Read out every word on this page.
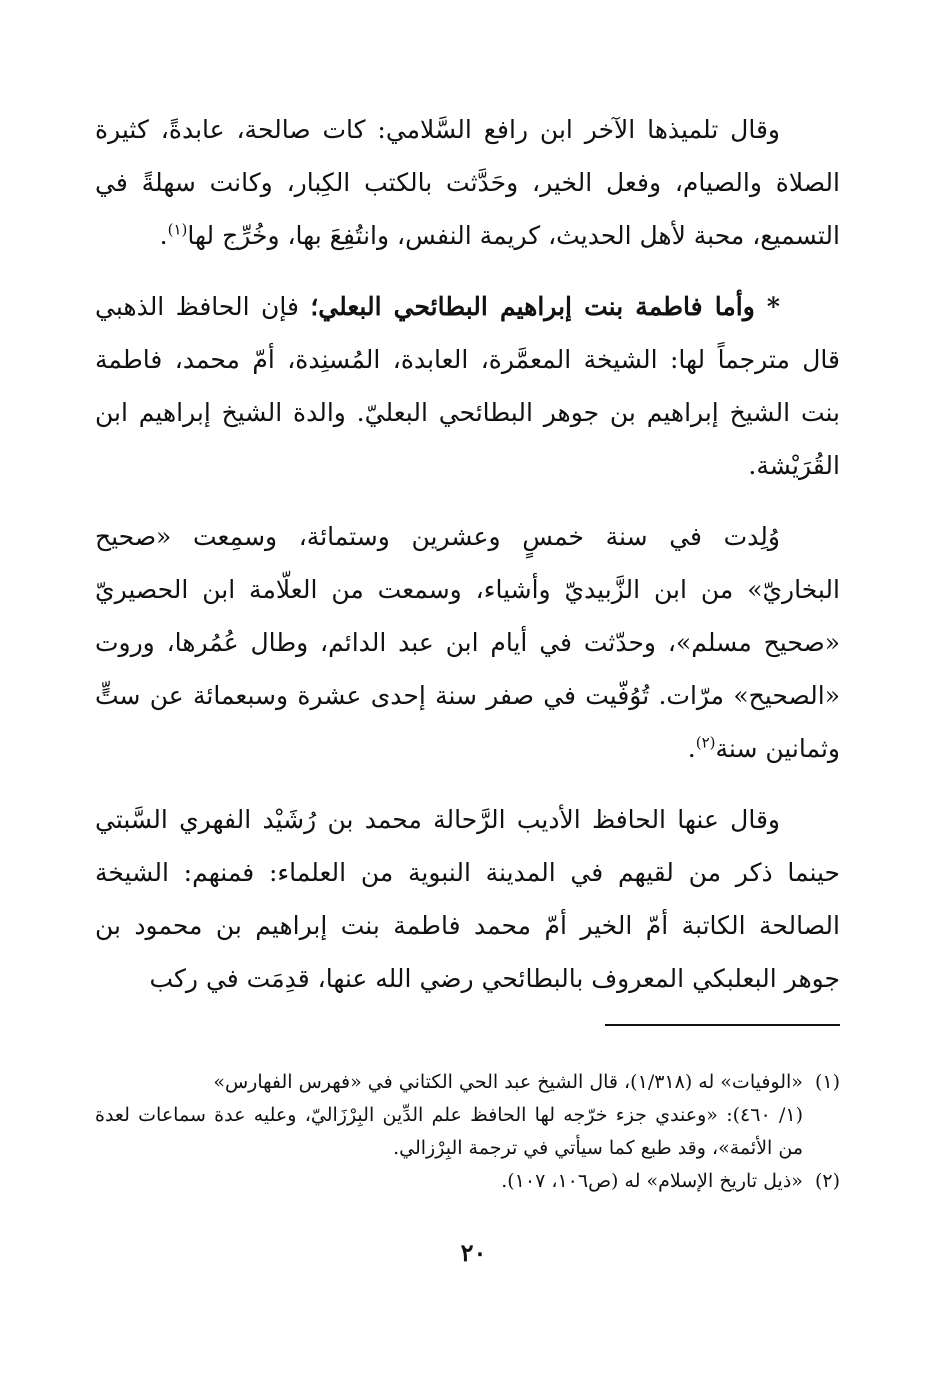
وقال تلميذها الآخر ابن رافع السَّلامي: كات صالحة، عابدةً، كثيرة الصلاة والصيام، وفعل الخير، وحَدَّثت بالكتب الكِبار، وكانت سهلةً في التسميع، محبة لأهل الحديث، كريمة النفس، وانتُفِعَ بها، وخُرِّج لها$^{(١)}$.

* وأما فاطمة بنت إبراهيم البطائحي البعلي؛ فإن الحافظ الذهبي قال مترجماً لها: الشيخة المعمَّرة، العابدة، المُسنِدة، أمّ محمد، فاطمة بنت الشيخ إبراهيم بن جوهر البطائحي البعليّ. والدة الشيخ إبراهيم ابن القُرَيْشة.

وُلِدت في سنة خمسٍ وعشرين وستمائة، وسمِعت «صحيح البخاريّ» من ابن الزَّبيديّ وأشياء، وسمعت من العلّامة ابن الحصيريّ «صحيح مسلم»، وحدّثت في أيام ابن عبد الدائم، وطال عُمُرها، وروت «الصحيح» مرّات. تُوُفّيت في صفر سنة إحدى عشرة وسبعمائة عن ستٍّ وثمانين سنة$^{(٢)}$.

وقال عنها الحافظ الأديب الرَّحالة محمد بن رُشَيْد الفهري السَّبتي حينما ذكر من لقيهم في المدينة النبوية من العلماء: فمنهم: الشيخة الصالحة الكاتبة أمّ الخير أمّ محمد فاطمة بنت إبراهيم بن محمود بن جوهر البعلبكي المعروف بالبطائحي رضي الله عنها، قدِمَت في ركب

(١)«الوفيات» له (١/٣١٨)، قال الشيخ عبد الحي الكتاني في «فهرس الفهارس»
(١/ ٤٦٠): «وعندي جزء خرّجه لها الحافظ علم الدِّين البِرْزَاليّ، وعليه عدة سماعات لعدة من الأئمة»، وقد طبع كما سيأتي في ترجمة البِرْزالي.

(٢)«ذيل تاريخ الإسلام» له (ص١٠٦، ١٠٧).

٢٠
